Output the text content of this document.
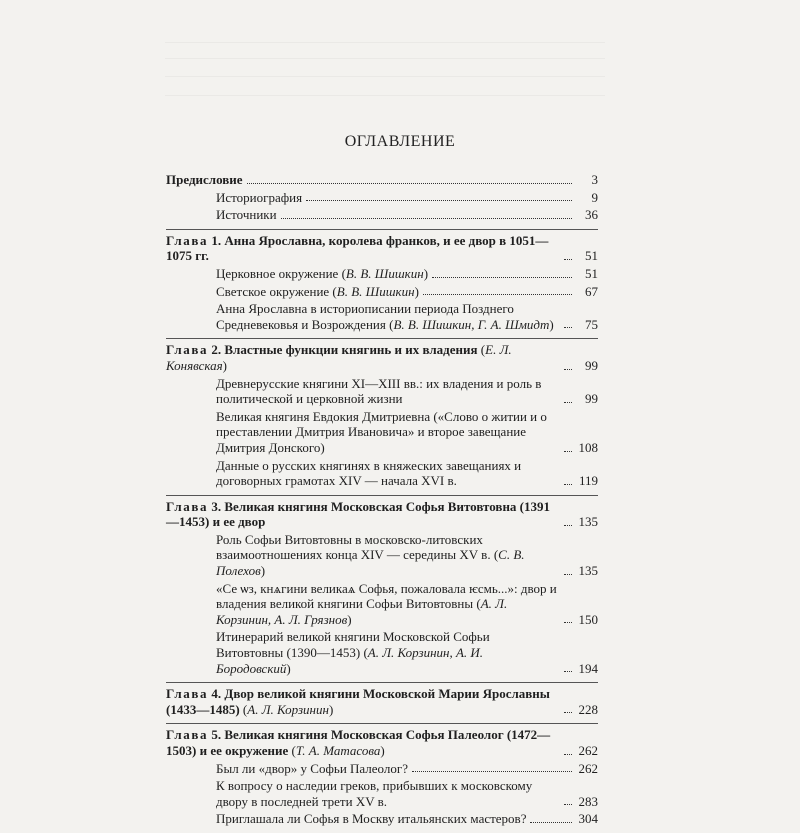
ОГЛАВЛЕНИЕ
Предисловие	3
Историография	9
Источники	36
Глава 1. Анна Ярославна, королева франков, и ее двор в 1051—1075 гг.	51
Церковное окружение (В. В. Шишкин)	51
Светское окружение (В. В. Шишкин)	67
Анна Ярославна в историописании периода Позднего Средневековья и Возрождения (В. В. Шишкин, Г. А. Шмидт)	75
Глава 2. Властные функции княгинь и их владения (Е. Л. Конявская)	99
Древнерусские княгини XI—XIII вв.: их владения и роль в политической и церковной жизни	99
Великая княгиня Евдокия Дмитриевна («Слово о житии и о преставлении Дмитрия Ивановича» и второе завещание Дмитрия Донского)	108
Данные о русских княгинях в княжеских завещаниях и договорных грамотах XIV — начала XVI в.	119
Глава 3. Великая княгиня Московская Софья Витовтовна (1391—1453) и ее двор	135
Роль Софьи Витовтовны в московско-литовских взаимоотношениях конца XIV — середины XV в. (С. В. Полехов)	135
«Се ѡз, кнѧгини великаѧ Софья, пожаловала ѥсмь...»: двор и владения великой княгини Софьи Витовтовны (А. Л. Корзинин, А. Л. Грязнов)	150
Итинерарий великой княгини Московской Софьи Витовтовны (1390—1453) (А. Л. Корзинин, А. И. Бородовский)	194
Глава 4. Двор великой княгини Московской Марии Ярославны (1433—1485) (А. Л. Корзинин)	228
Глава 5. Великая княгиня Московская Софья Палеолог (1472—1503) и ее окружение (Т. А. Матасова)	262
Был ли «двор» у Софьи Палеолог?	262
К вопросу о наследии греков, прибывших к московскому двору в последней трети XV в.	283
Приглашала ли Софья в Москву итальянских мастеров?	304
